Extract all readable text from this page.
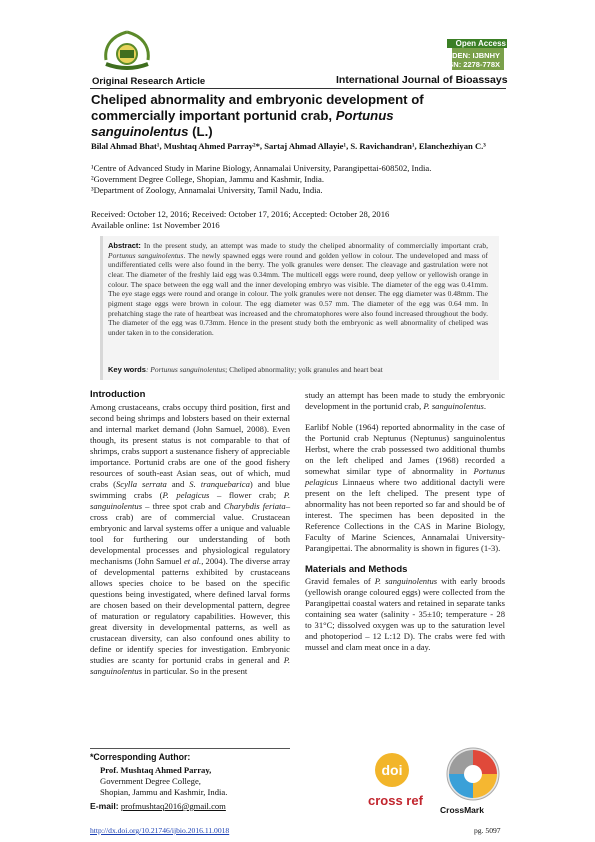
CODEN: IJBNHY
ISSN: 2278-778X
Open Access
Original Research Article	International Journal of Bioassays
Cheliped abnormality and embryonic development of commercially important portunid crab, Portunus sanguinolentus (L.)
Bilal Ahmad Bhat¹, Mushtaq Ahmed Parray²*, Sartaj Ahmad Allayie¹, S. Ravichandran¹, Elanchezhiyan C.³
¹Centre of Advanced Study in Marine Biology, Annamalai University, Parangipettai-608502, India.
²Government Degree College, Shopian, Jammu and Kashmir, India.
³Department of Zoology, Annamalai University, Tamil Nadu, India.
Received: October 12, 2016; Received: October 17, 2016; Accepted: October 28, 2016
Available online: 1st November 2016
Abstract: In the present study, an attempt was made to study the cheliped abnormality of commercially important crab, Portunus sanguinolentus. The newly spawned eggs were round and golden yellow in colour. The undeveloped and mass of undifferentiated cells were also found in the berry. The yolk granules were denser. The cleavage and gastrulation were not clear. The diameter of the freshly laid egg was 0.34mm. The multicell eggs were round, deep yellow or yellowish orange in colour. The space between the egg wall and the inner developing embryo was visible. The diameter of the egg was 0.41mm. The eye stage eggs were round and orange in colour. The yolk granules were not denser. The egg diameter was 0.48mm. The pigment stage eggs were brown in colour. The egg diameter was 0.57 mm. The diameter of the egg was 0.64 mm. In prehatching stage the rate of heartbeat was increased and the chromatophores were also found increased throughout the body. The diameter of the egg was 0.73mm. Hence in the present study both the embryonic as well abnormality of cheliped was under taken in to the consideration.
Key words: Portunus sanguinolentus; Cheliped abnormality; yolk granules and heart beat
Introduction

Among crustaceans, crabs occupy third position, first and second being shrimps and lobsters based on their external and internal market demand (John Samuel, 2008). Even though, its present status is not comparable to that of shrimps, crabs support a sustenance fishery of appreciable importance. Portunid crabs are one of the good fishery resources of south-east Asian seas, out of which, mud crabs (Scylla serrata and S. tranquebarica) and blue swimming crabs (P. pelagicus – flower crab; P. sanguinolentus – three spot crab and Charybdis feriata–cross crab) are of commercial value. Crustacean embryonic and larval systems offer a unique and valuable tool for furthering our understanding of both developmental processes and physiological regulatory mechanisms (John Samuel et al., 2004). The diverse array of developmental patterns exhibited by crustaceans allows species choice to be based on the specific questions being investigated, where defined larval forms are chosen based on their developmental pattern, degree of maturation or regulatory capabilities. However, this great diversity in developmental patterns, as well as crustacean diversity, can also confound ones ability to define or identify species for investigation. Embryonic studies are scanty for portunid crabs in general and P. sanguinolentus in particular. So in the present

study an attempt has been made to study the embryonic development in the portunid crab, P. sanguinolentus.

Earlibf Noble (1964) reported abnormality in the case of the Portunid crab Neptunus (Neptunus) sanguinolentus Herbst, where the crab possessed two additional thumbs on the left cheliped and James (1968) recorded a somewhat similar type of abnormality in Portunus pelagicus Linnaeus where two additional dactyli were present on the left cheliped. The present type of abnormality has not been reported so far and should be of interest. The specimen has been deposited in the Reference Collections in the CAS in Marine Biology, Faculty of Marine Sciences, Annamalai University-Parangipettai. The abnormality is shown in figures (1-3).

Materials and Methods

Gravid females of P. sanguinolentus with early broods (yellowish orange coloured eggs) were collected from the Parangipettai coastal waters and retained in separate tanks containing sea water (salinity - 35±10; temperature - 28 to 31°C; dissolved oxygen was up to the saturation level and photoperiod – 12 L:12 D). The crabs were fed with mussel and clam meat once in a day.

*Corresponding Author:
Prof. Mushtaq Ahmed Parray,
Government Degree College,
Shopian, Jammu and Kashmir, India.
E-mail: profmushtaq2016@gmail.com
doi
cross ref
CrossMark
http://dx.doi.org/10.21746/ijbio.2016.11.0018	pg. 5097
